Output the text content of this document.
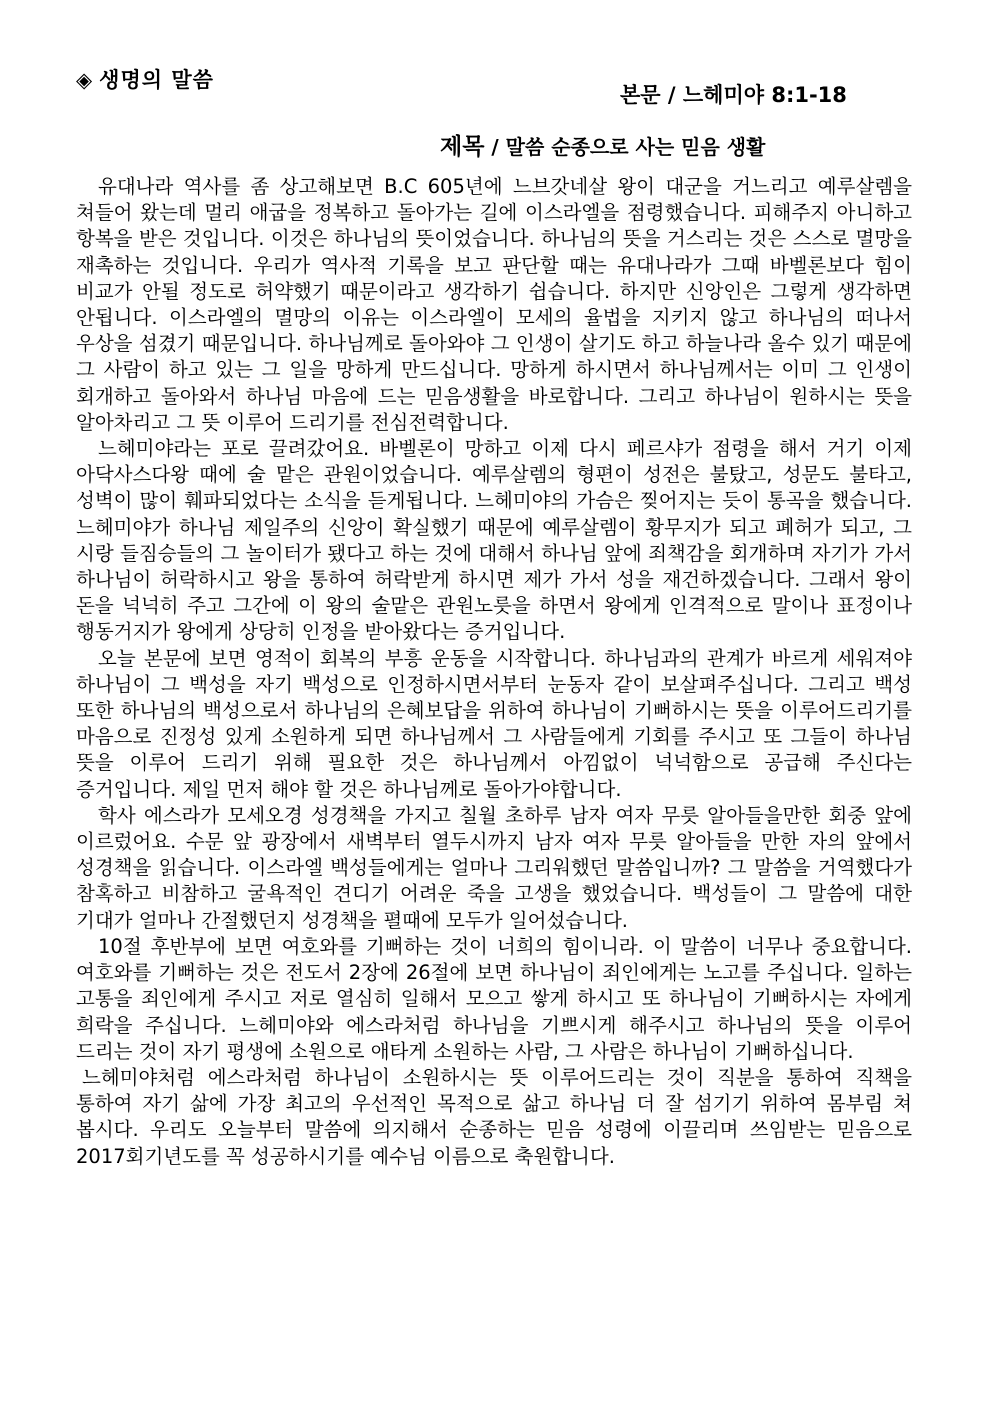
◈ 생명의 말씀
본문 / 느헤미야 8:1-18
제목 / 말씀 순종으로 사는 믿음 생활

유대나라 역사를 좀 상고해보면 B.C 605년에 느브갓네살 왕이 대군을 거느리고 예루살렘을 쳐들어 왔는데 멀리 애굽을 정복하고 돌아가는 길에 이스라엘을 점령했습니다. 피해주지 아니하고 항복을 받은 것입니다. 이것은 하나님의 뜻이었습니다. 하나님의 뜻을 거스리는 것은 스스로 멸망을 재촉하는 것입니다. 우리가 역사적 기록을 보고 판단할 때는 유대나라가 그때 바벨론보다 힘이 비교가 안될 정도로 허약했기 때문이라고 생각하기 쉽습니다. 하지만 신앙인은 그렇게 생각하면 안됩니다. 이스라엘의 멸망의 이유는 이스라엘이 모세의 율법을 지키지 않고 하나님의 떠나서 우상을 섬겼기 때문입니다. 하나님께로 돌아와야 그 인생이 살기도 하고 하늘나라 올수 있기 때문에 그 사람이 하고 있는 그 일을 망하게 만드십니다. 망하게 하시면서 하나님께서는 이미 그 인생이 회개하고 돌아와서 하나님 마음에 드는 믿음생활을 바로합니다. 그리고 하나님이 원하시는 뜻을 알아차리고 그 뜻 이루어 드리기를 전심전력합니다.

느헤미야라는 포로 끌려갔어요. 바벨론이 망하고 이제 다시 페르샤가 점령을 해서 거기 이제 아닥사스다왕 때에 술 맡은 관원이었습니다. 예루살렘의 형편이 성전은 불탔고, 성문도 불타고, 성벽이 많이 훼파되었다는 소식을 듣게됩니다. 느헤미야의 가슴은 찢어지는 듯이 통곡을 했습니다. 느헤미야가 하나님 제일주의 신앙이 확실했기 때문에 예루살렘이 황무지가 되고 폐허가 되고, 그 시랑 들짐승들의 그 놀이터가 됐다고 하는 것에 대해서 하나님 앞에 죄책감을 회개하며 자기가 가서 하나님이 허락하시고 왕을 통하여 허락받게 하시면 제가 가서 성을 재건하겠습니다. 그래서 왕이 돈을 넉넉히 주고 그간에 이 왕의 술맡은 관원노릇을 하면서 왕에게 인격적으로 말이나 표정이나 행동거지가 왕에게 상당히 인정을 받아왔다는 증거입니다.

오늘 본문에 보면 영적이 회복의 부흥 운동을 시작합니다. 하나님과의 관계가 바르게 세워져야 하나님이 그 백성을 자기 백성으로 인정하시면서부터 눈동자 같이 보살펴주십니다. 그리고 백성 또한 하나님의 백성으로서 하나님의 은혜보답을 위하여 하나님이 기뻐하시는 뜻을 이루어드리기를 마음으로 진정성 있게 소원하게 되면 하나님께서 그 사람들에게 기회를 주시고 또 그들이 하나님 뜻을 이루어 드리기 위해 필요한 것은 하나님께서 아낌없이 넉넉함으로 공급해 주신다는 증거입니다. 제일 먼저 해야 할 것은 하나님께로 돌아가야합니다.

학사 에스라가 모세오경 성경책을 가지고 칠월 초하루 남자 여자 무릇 알아들을만한 회중 앞에 이르렀어요. 수문 앞 광장에서 새벽부터 열두시까지 남자 여자 무릇 알아들을 만한 자의 앞에서 성경책을 읽습니다. 이스라엘 백성들에게는 얼마나 그리워했던 말씀입니까? 그 말씀을 거역했다가 참혹하고 비참하고 굴욕적인 견디기 어려운 죽을 고생을 했었습니다. 백성들이 그 말씀에 대한 기대가 얼마나 간절했던지 성경책을 펼때에 모두가 일어섰습니다.

10절 후반부에 보면 여호와를 기뻐하는 것이 너희의 힘이니라. 이 말씀이 너무나 중요합니다. 여호와를 기뻐하는 것은 전도서 2장에 26절에 보면 하나님이 죄인에게는 노고를 주십니다. 일하는 고통을 죄인에게 주시고 저로 열심히 일해서 모으고 쌓게 하시고 또 하나님이 기뻐하시는 자에게 희락을 주십니다. 느헤미야와 에스라처럼 하나님을 기쁘시게 해주시고 하나님의 뜻을 이루어 드리는 것이 자기 평생에 소원으로 애타게 소원하는 사람, 그 사람은 하나님이 기뻐하십니다.

느헤미야처럼 에스라처럼 하나님이 소원하시는 뜻 이루어드리는 것이 직분을 통하여 직책을 통하여 자기 삶에 가장 최고의 우선적인 목적으로 삶고 하나님 더 잘 섬기기 위하여 몸부림 쳐 봅시다. 우리도 오늘부터 말씀에 의지해서 순종하는 믿음 성령에 이끌리며 쓰임받는 믿음으로 2017회기년도를 꼭 성공하시기를 예수님 이름으로 축원합니다.
